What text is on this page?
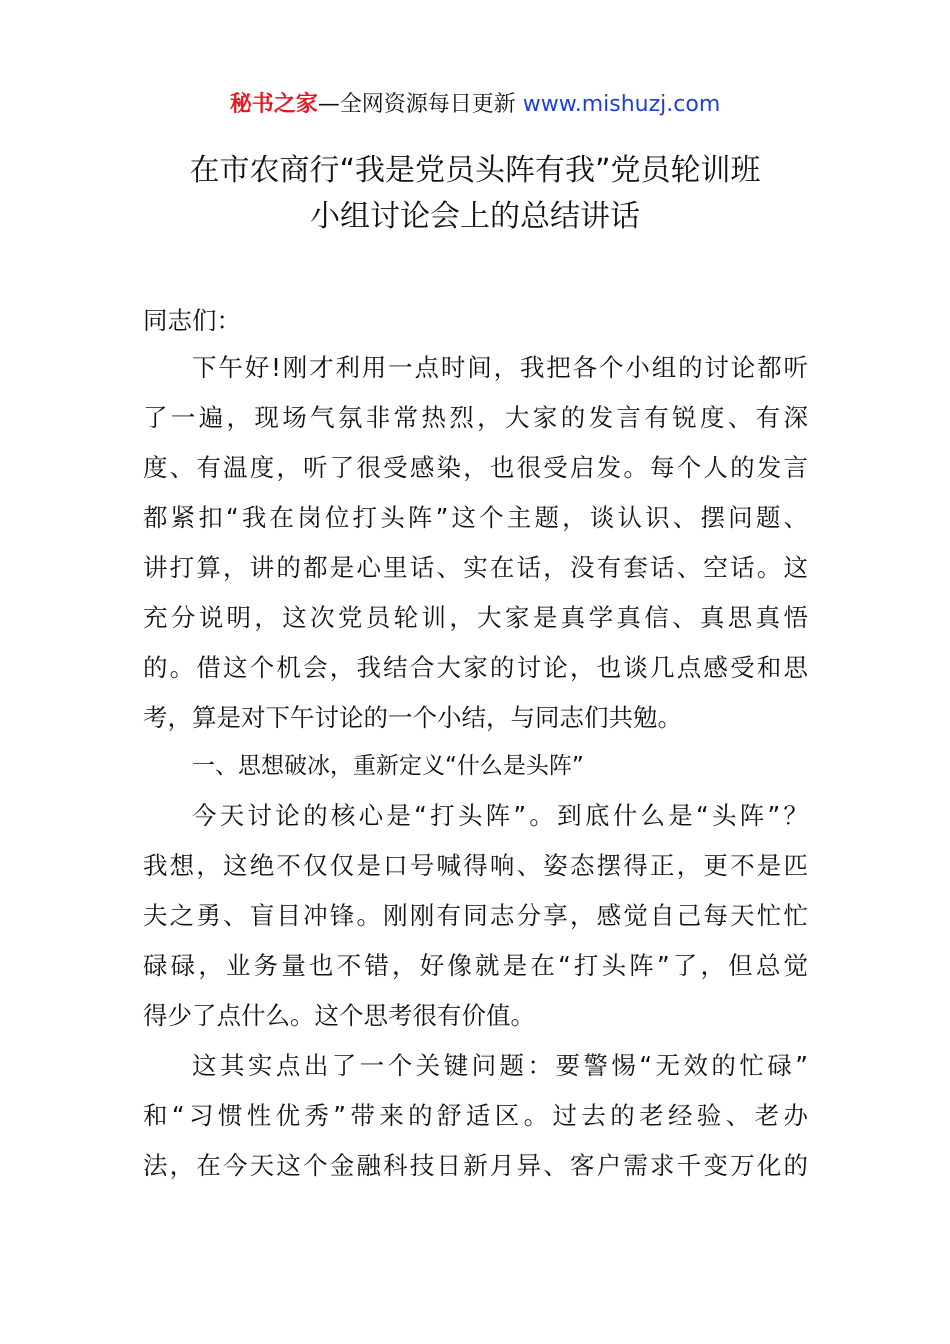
秘书之家—全网资源每日更新 www.mishuzj.com
在市农商行“我是党员头阵有我”党员轮训班
小组讨论会上的总结讲话
同志们：
下午好!刚才利用一点时间，我把各个小组的讨论都听
了一遍，现场气氛非常热烈，大家的发言有锐度、有深
度、有温度，听了很受感染，也很受启发。每个人的发言
都紧扣“我在岗位打头阵”这个主题，谈认识、摆问题、
讲打算，讲的都是心里话、实在话，没有套话、空话。这
充分说明，这次党员轮训，大家是真学真信、真思真悟
的。借这个机会，我结合大家的讨论，也谈几点感受和思
考，算是对下午讨论的一个小结，与同志们共勉。
一、思想破冰，重新定义“什么是头阵”
今天讨论的核心是“打头阵”。到底什么是“头阵”？
我想，这绝不仅仅是口号喊得响、姿态摆得正，更不是匹
夫之勇、盲目冲锋。刚刚有同志分享，感觉自己每天忙忙
碌碌，业务量也不错，好像就是在“打头阵”了，但总觉
得少了点什么。这个思考很有价值。
这其实点出了一个关键问题：要警惕“无效的忙碌”
和“习惯性优秀”带来的舒适区。过去的老经验、老办
法，在今天这个金融科技日新月异、客户需求千变万化的
